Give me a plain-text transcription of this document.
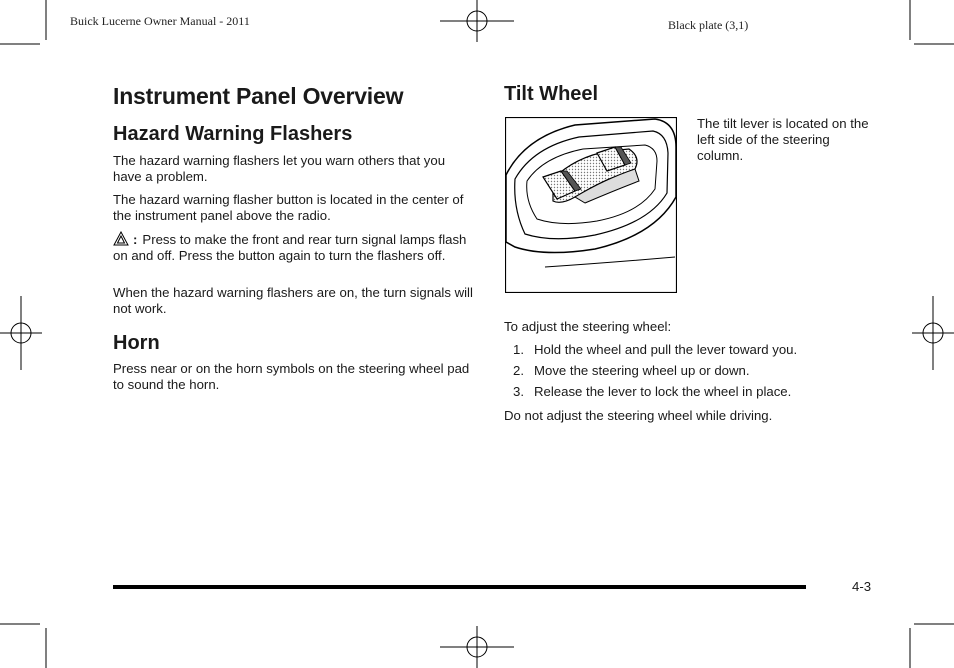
Buick Lucerne Owner Manual - 2011	Black plate (3,1)
Instrument Panel Overview
Hazard Warning Flashers

The hazard warning flashers let you warn others that you have a problem.

The hazard warning flasher button is located in the center of the instrument panel above the radio.

: Press to make the front and rear turn signal lamps flash on and off. Press the button again to turn the flashers off.

When the hazard warning flashers are on, the turn signals will not work.

Horn

Press near or on the horn symbols on the steering wheel pad to sound the horn.

Tilt Wheel

The tilt lever is located on the left side of the steering column.

To adjust the steering wheel:

1. Hold the wheel and pull the lever toward you.
2. Move the steering wheel up or down.
3. Release the lever to lock the wheel in place.

Do not adjust the steering wheel while driving.

4-3
